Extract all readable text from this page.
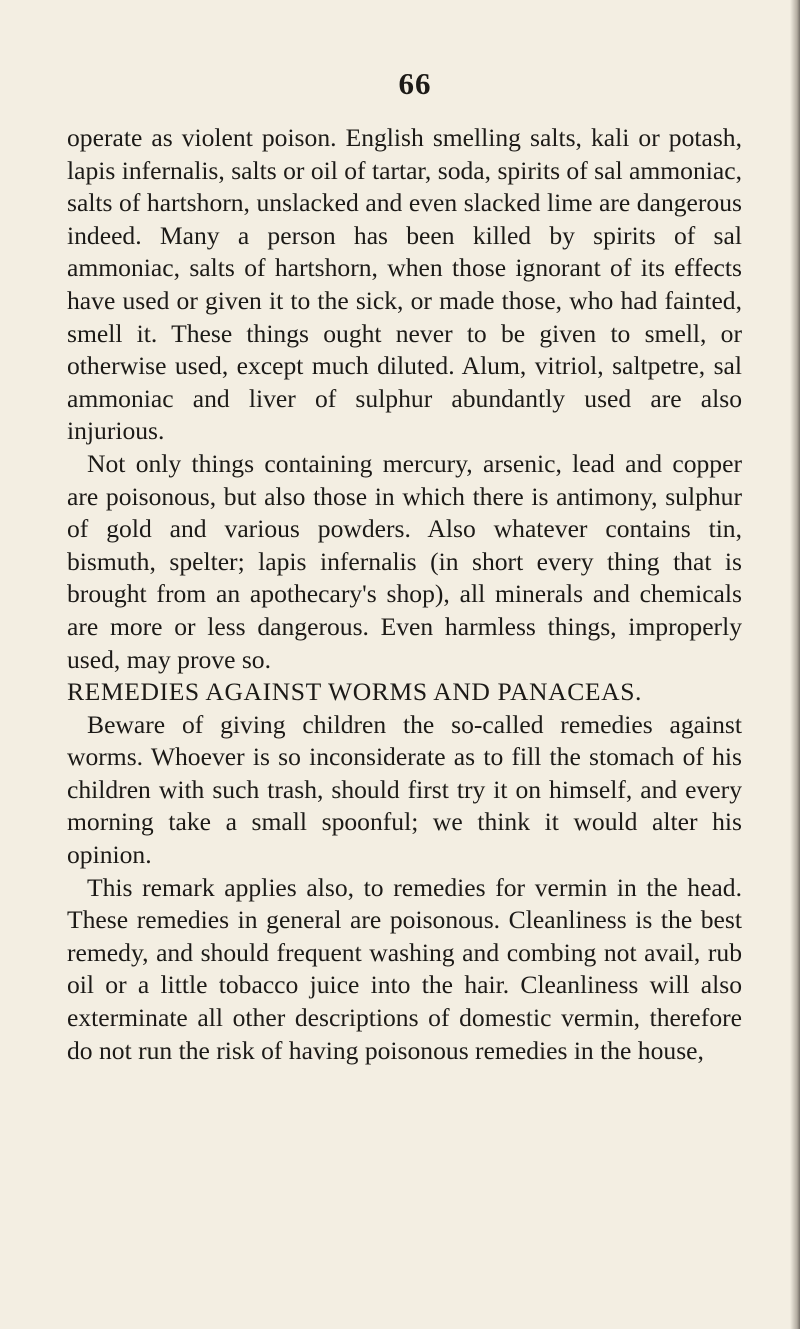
66

operate as violent poison. English smelling salts, kali or potash, lapis infernalis, salts or oil of tartar, soda, spirits of sal ammoniac, salts of hartshorn, unslacked and even slacked lime are dangerous indeed. Many a person has been killed by spirits of sal ammoniac, salts of hartshorn, when those ignorant of its effects have used or given it to the sick, or made those, who had fainted, smell it. These things ought never to be given to smell, or otherwise used, except much diluted. Alum, vitriol, saltpetre, sal ammoniac and liver of sulphur abundantly used are also injurious.

Not only things containing mercury, arsenic, lead and copper are poisonous, but also those in which there is antimony, sulphur of gold and various powders. Also whatever contains tin, bismuth, spelter; lapis infernalis (in short every thing that is brought from an apothecary's shop), all minerals and chemicals are more or less dangerous. Even harmless things, improperly used, may prove so.

REMEDIES AGAINST WORMS AND PANACEAS.

Beware of giving children the so-called remedies against worms. Whoever is so inconsiderate as to fill the stomach of his children with such trash, should first try it on himself, and every morning take a small spoonful; we think it would alter his opinion.

This remark applies also, to remedies for vermin in the head. These remedies in general are poisonous. Cleanliness is the best remedy, and should frequent washing and combing not avail, rub oil or a little tobacco juice into the hair. Cleanliness will also exterminate all other descriptions of domestic vermin, therefore do not run the risk of having poisonous remedies in the house,
